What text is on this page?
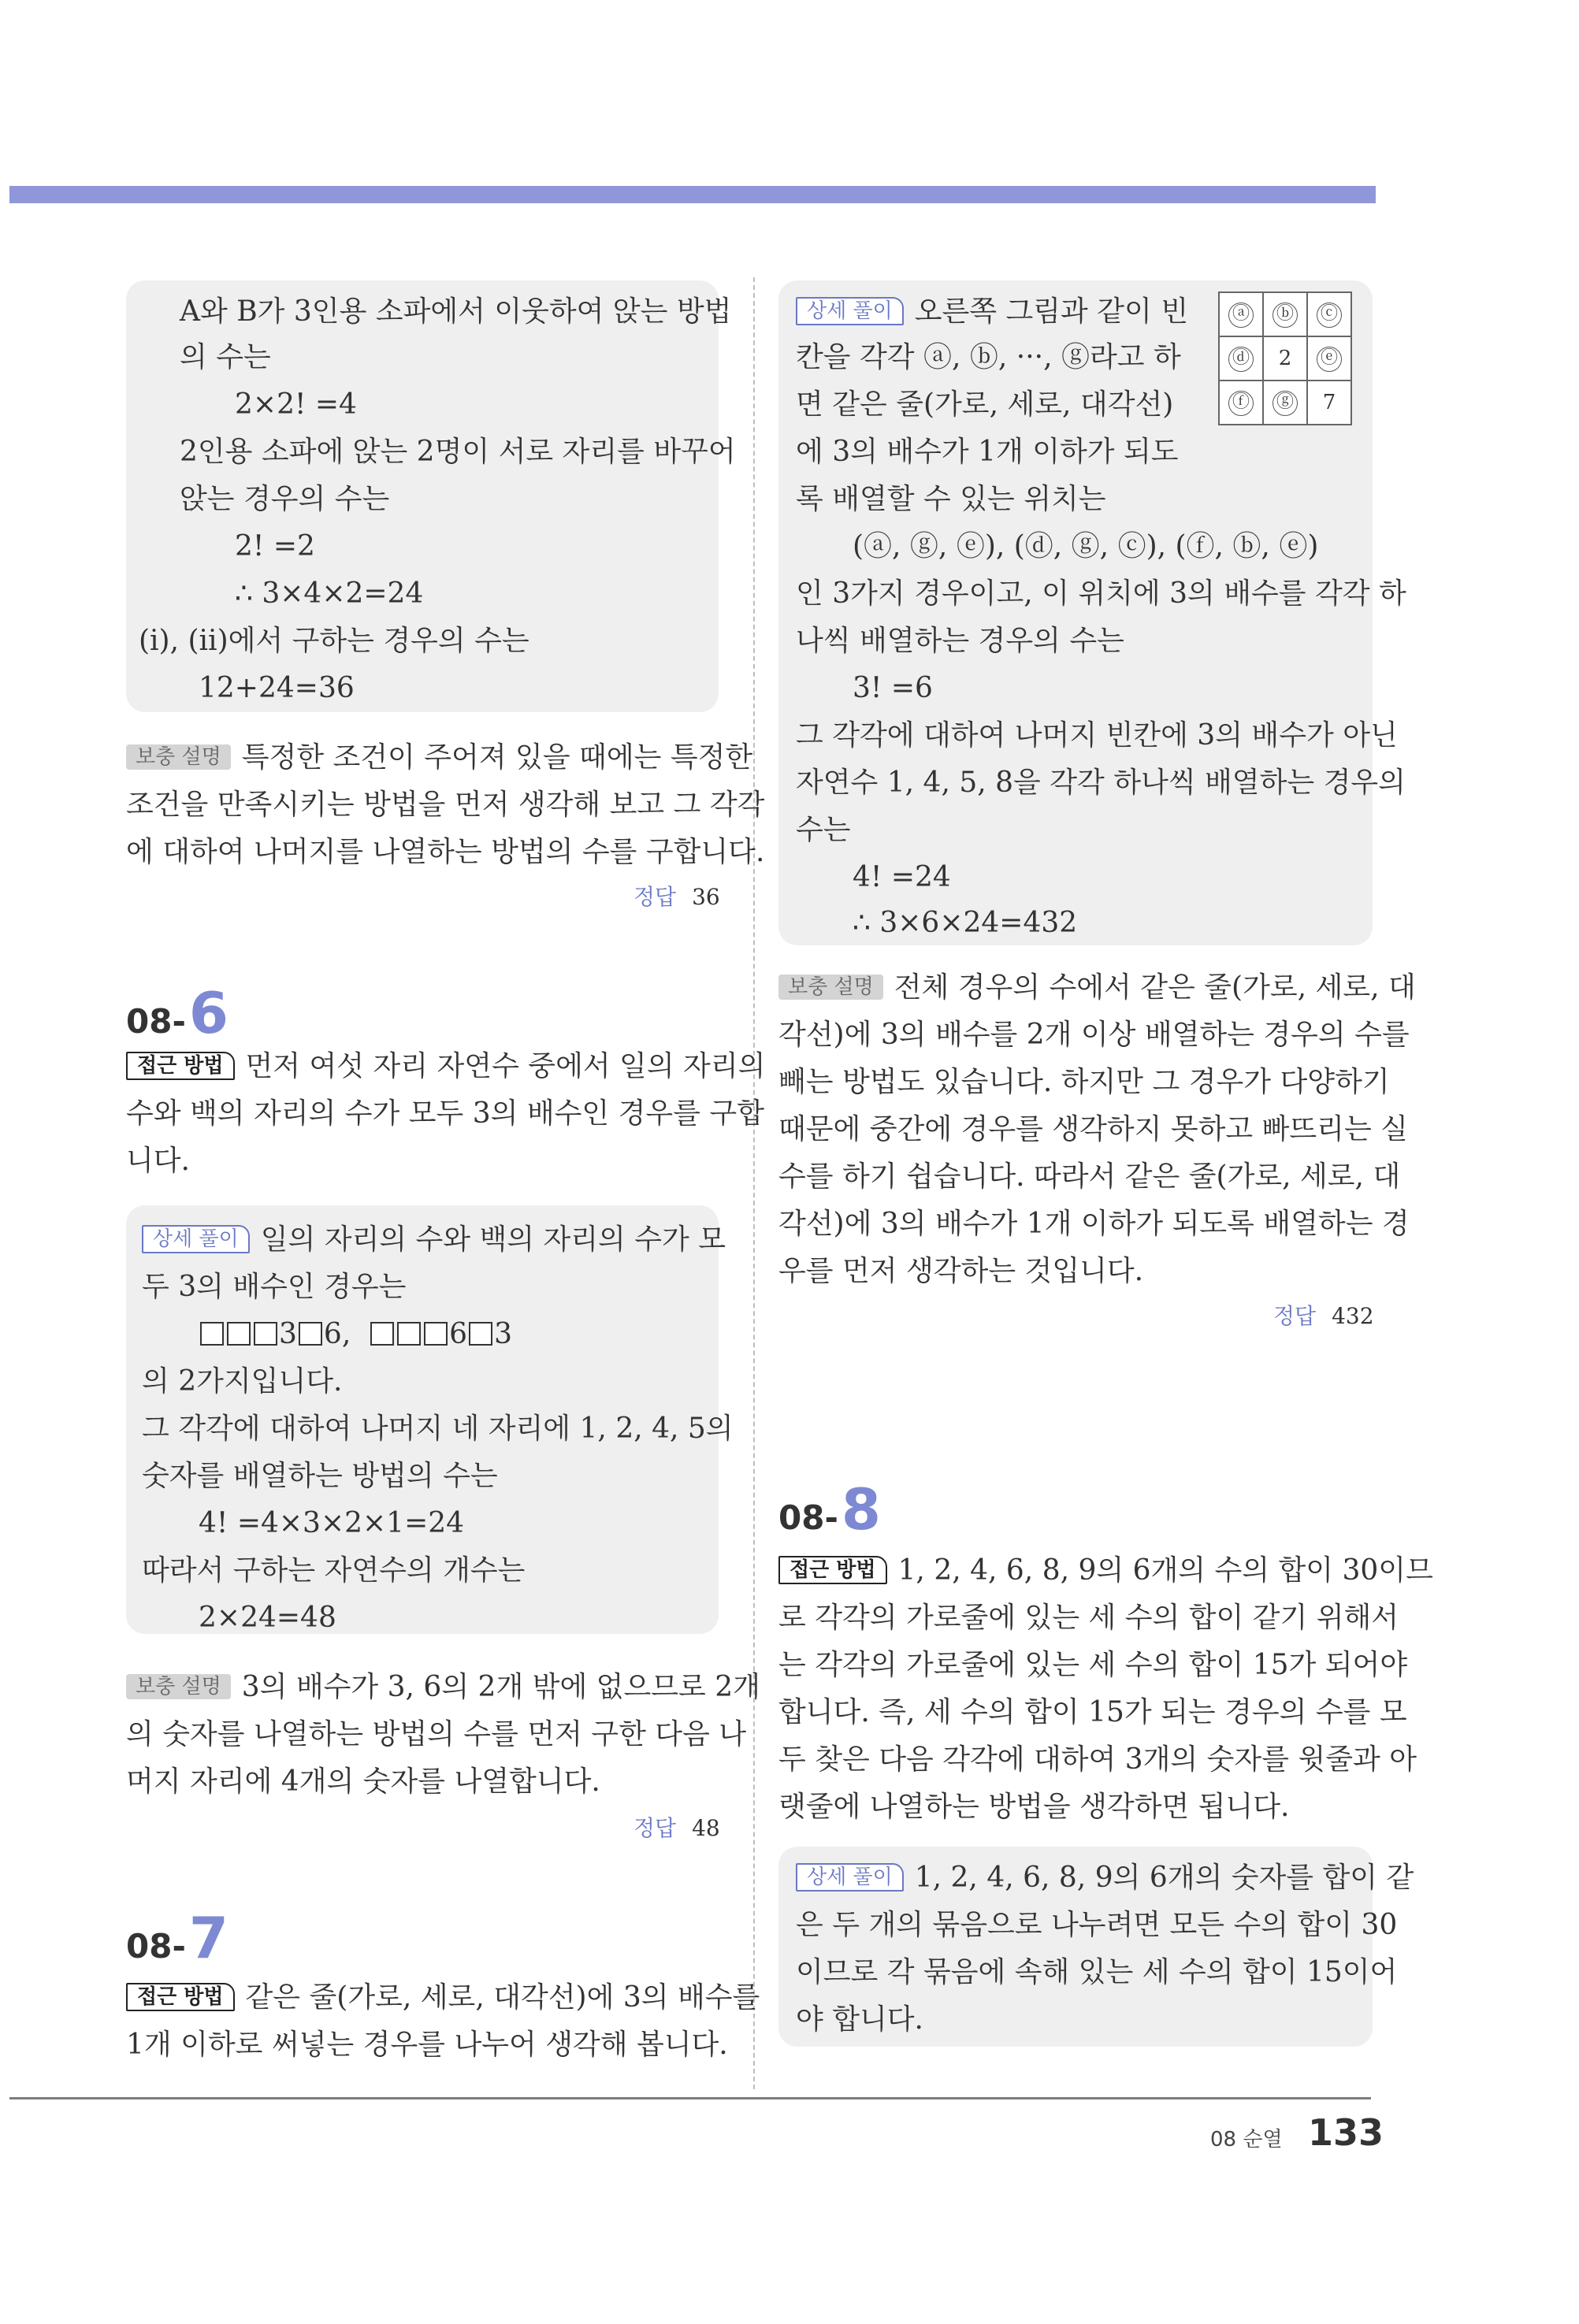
A와 B가 3인용 소파에서 이웃하여 앉는 방법
의 수는
2×2! =4
2인용 소파에 앉는 2명이 서로 자리를 바꾸어
앉는 경우의 수는
2! =2
∴ 3×4×2=24
(ⅰ), (ⅱ)에서 구하는 경우의 수는
12+24=36
보충 설명 특정한 조건이 주어져 있을 때에는 특정한
조건을 만족시키는 방법을 먼저 생각해 보고 그 각각
에 대하여 나머지를 나열하는 방법의 수를 구합니다.
정답 36
08-6
접근 방법 먼저 여섯 자리 자연수 중에서 일의 자리의
수와 백의 자리의 수가 모두 3의 배수인 경우를 구합
니다.
상세 풀이 일의 자리의 수와 백의 자리의 수가 모
두 3의 배수인 경우는
3 6,	6 3
의 2가지입니다.
그 각각에 대하여 나머지 네 자리에 1, 2, 4, 5의
숫자를 배열하는 방법의 수는
4! =4×3×2×1=24
따라서 구하는 자연수의 개수는
2×24=48
보충 설명 3의 배수가 3, 6의 2개 밖에 없으므로 2개
의 숫자를 나열하는 방법의 수를 먼저 구한 다음 나
머지 자리에 4개의 숫자를 나열합니다.
정답 48
08-7
접근 방법 같은 줄(가로, 세로, 대각선)에 3의 배수를
1개 이하로 써넣는 경우를 나누어 생각해 봅니다.
상세 풀이 오른쪽 그림과 같이 빈
칸을 각각 ⓐ, ⓑ, ···, ⓖ라고 하
면 같은 줄(가로, 세로, 대각선)
에 3의 배수가 1개 이하가 되도
록 배열할 수 있는 위치는
(ⓐ, ⓖ, ⓔ), (ⓓ, ⓖ, ⓒ), (ⓕ, ⓑ, ⓔ)
인 3가지 경우이고, 이 위치에 3의 배수를 각각 하
나씩 배열하는 경우의 수는
3! =6
그 각각에 대하여 나머지 빈칸에 3의 배수가 아닌
자연수 1, 4, 5, 8을 각각 하나씩 배열하는 경우의
수는
4! =24
∴ 3×6×24=432
ⓐ	ⓑ	ⓒ
ⓓ	2	ⓔ
ⓕ	ⓖ	7
보충 설명 전체 경우의 수에서 같은 줄(가로, 세로, 대
각선)에 3의 배수를 2개 이상 배열하는 경우의 수를
빼는 방법도 있습니다. 하지만 그 경우가 다양하기
때문에 중간에 경우를 생각하지 못하고 빠뜨리는 실
수를 하기 쉽습니다. 따라서 같은 줄(가로, 세로, 대
각선)에 3의 배수가 1개 이하가 되도록 배열하는 경
우를 먼저 생각하는 것입니다.
정답 432
08-8
접근 방법 1, 2, 4, 6, 8, 9의 6개의 수의 합이 30이므
로 각각의 가로줄에 있는 세 수의 합이 같기 위해서
는 각각의 가로줄에 있는 세 수의 합이 15가 되어야
합니다. 즉, 세 수의 합이 15가 되는 경우의 수를 모
두 찾은 다음 각각에 대하여 3개의 숫자를 윗줄과 아
랫줄에 나열하는 방법을 생각하면 됩니다.
상세 풀이 1, 2, 4, 6, 8, 9의 6개의 숫자를 합이 같
은 두 개의 묶음으로 나누려면 모든 수의 합이 30
이므로 각 묶음에 속해 있는 세 수의 합이 15이어
야 합니다.
08 순열 133
